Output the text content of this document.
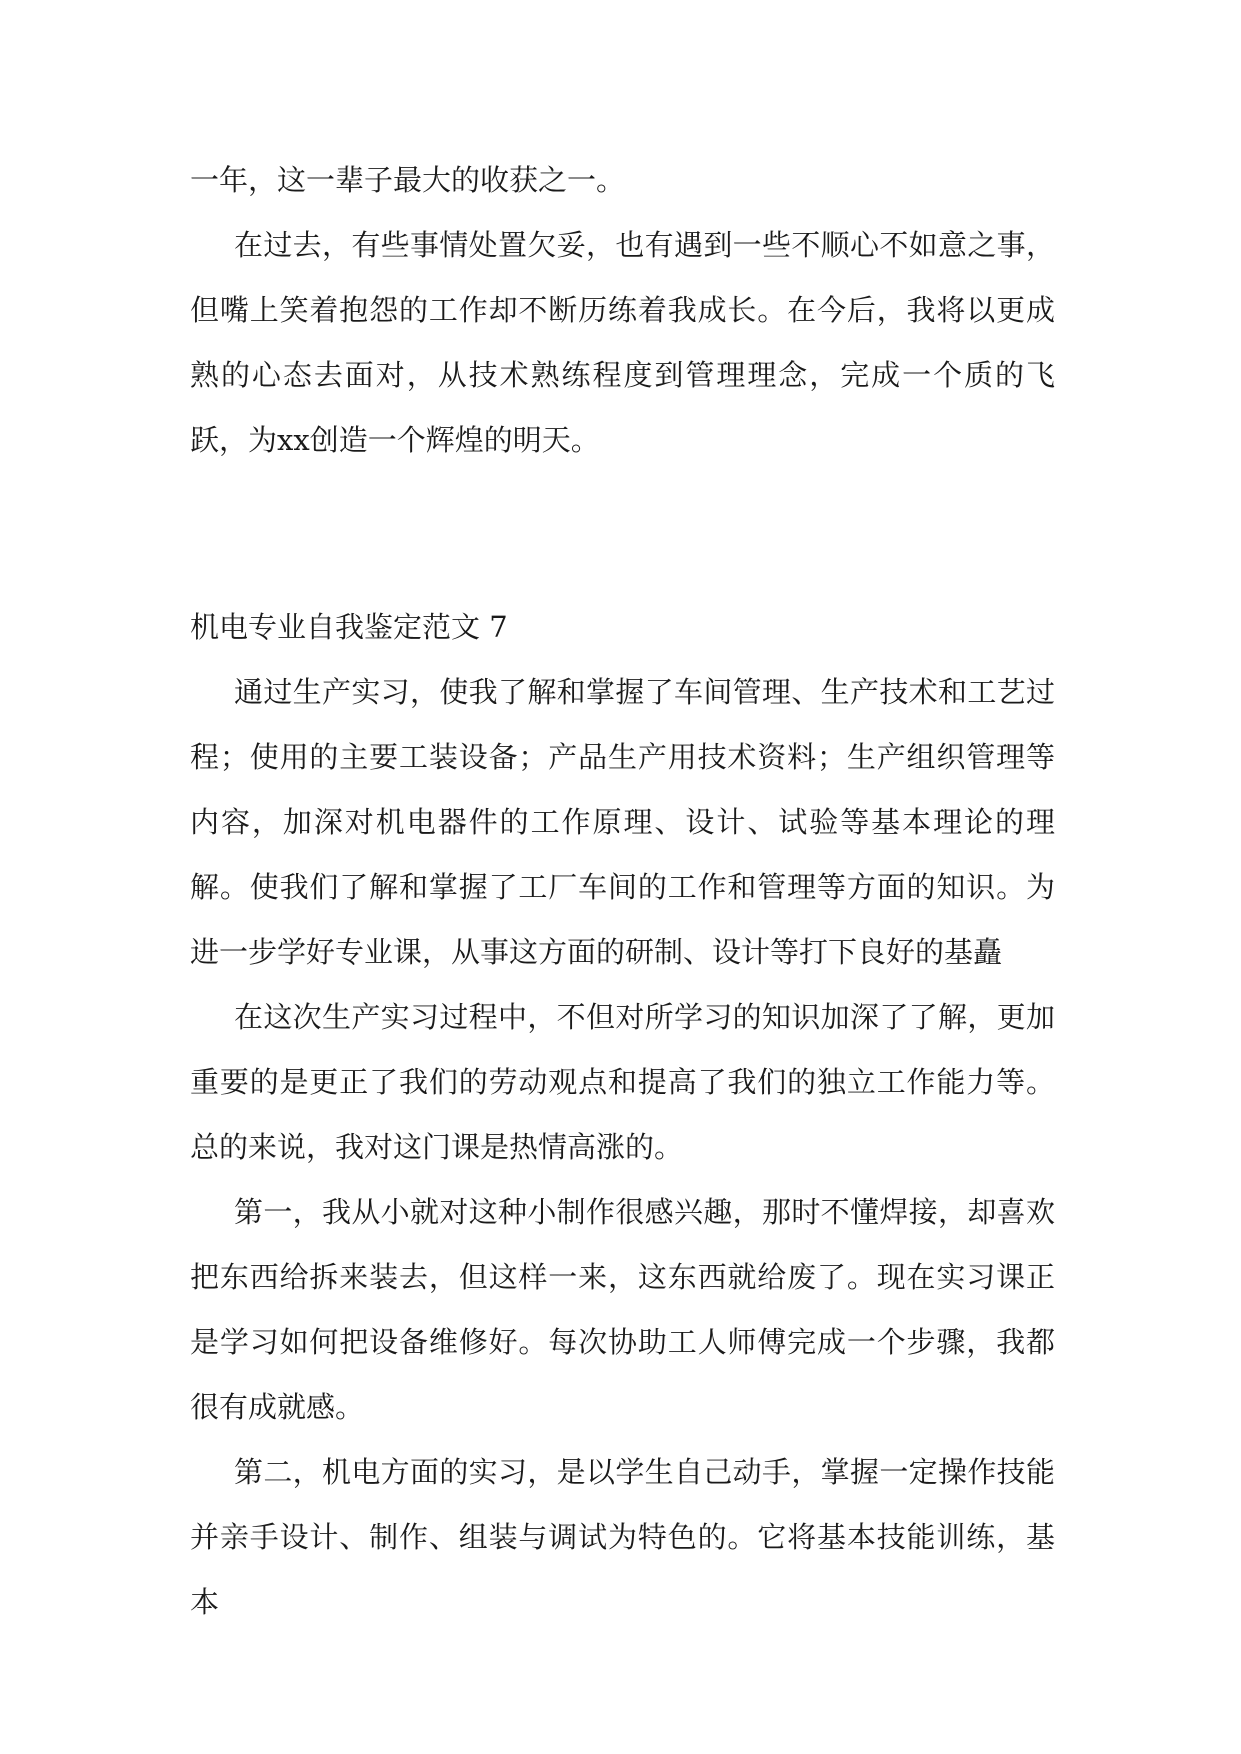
一年，这一辈子最大的收获之一。

在过去，有些事情处置欠妥，也有遇到一些不顺心不如意之事，但嘴上笑着抱怨的工作却不断历练着我成长。在今后，我将以更成熟的心态去面对，从技术熟练程度到管理理念，完成一个质的飞跃，为xx创造一个辉煌的明天。

机电专业自我鉴定范文 7

通过生产实习，使我了解和掌握了车间管理、生产技术和工艺过程；使用的主要工装设备；产品生产用技术资料；生产组织管理等内容，加深对机电器件的工作原理、设计、试验等基本理论的理解。使我们了解和掌握了工厂车间的工作和管理等方面的知识。为进一步学好专业课，从事这方面的研制、设计等打下良好的基矗

在这次生产实习过程中，不但对所学习的知识加深了了解，更加重要的是更正了我们的劳动观点和提高了我们的独立工作能力等。总的来说，我对这门课是热情高涨的。

第一，我从小就对这种小制作很感兴趣，那时不懂焊接，却喜欢把东西给拆来装去，但这样一来，这东西就给废了。现在实习课正是学习如何把设备维修好。每次协助工人师傅完成一个步骤，我都很有成就感。

第二，机电方面的实习，是以学生自己动手，掌握一定操作技能并亲手设计、制作、组装与调试为特色的。它将基本技能训练，基本
